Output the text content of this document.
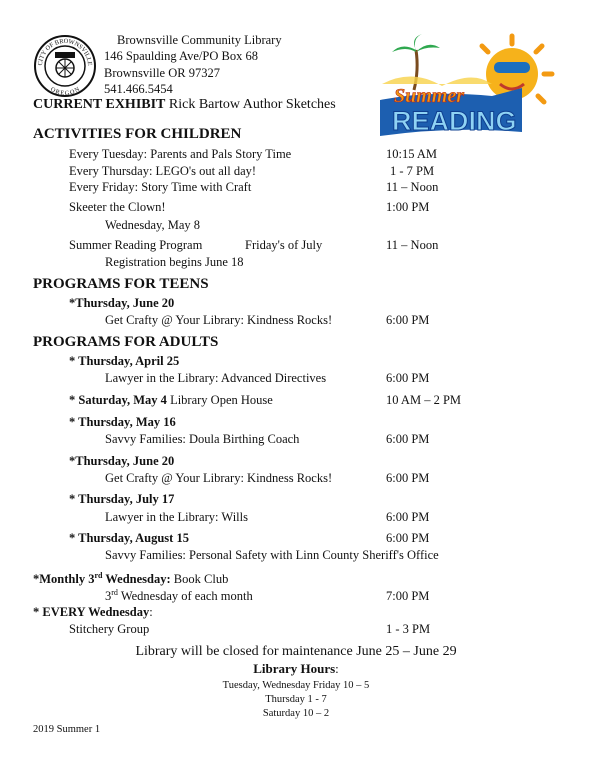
CITY OF BROWNSVILLE
OREGON
Brownsville Community Library
146 Spaulding Ave/PO Box 68
Brownsville OR 97327
541.466.5454	Summer
READING
CURRENT EXHIBIT Rick Bartow Author Sketches
ACTIVITIES FOR CHILDREN
Every Tuesday: Parents and Pals Story Time	10:15 AM
Every Thursday: LEGO's out all day!	1 - 7 PM
Every Friday: Story Time with Craft	11 – Noon
Skeeter the Clown!	1:00 PM
Wednesday, May 8
Summer Reading Program	Friday's of July	11 – Noon
Registration begins June 18
PROGRAMS FOR TEENS
*Thursday, June 20
Get Crafty @ Your Library: Kindness Rocks!	6:00 PM
PROGRAMS FOR ADULTS
* Thursday, April 25
Lawyer in the Library: Advanced Directives	6:00 PM
* Saturday, May 4 Library Open House	10 AM – 2 PM
* Thursday, May 16
Savvy Families: Doula Birthing Coach	6:00 PM
*Thursday, June 20
Get Crafty @ Your Library: Kindness Rocks!	6:00 PM
* Thursday, July 17
Lawyer in the Library: Wills	6:00 PM
* Thursday, August 15	6:00 PM
Savvy Families: Personal Safety with Linn County Sheriff's Office
*Monthly 3rd Wednesday: Book Club
3rd Wednesday of each month	7:00 PM
* EVERY Wednesday:
Stitchery Group	1 - 3 PM
Library will be closed for maintenance June 25 – June 29
Library Hours:
Tuesday, Wednesday Friday 10 – 5
Thursday 1 - 7
Saturday 10 – 2
2019 Summer 1
